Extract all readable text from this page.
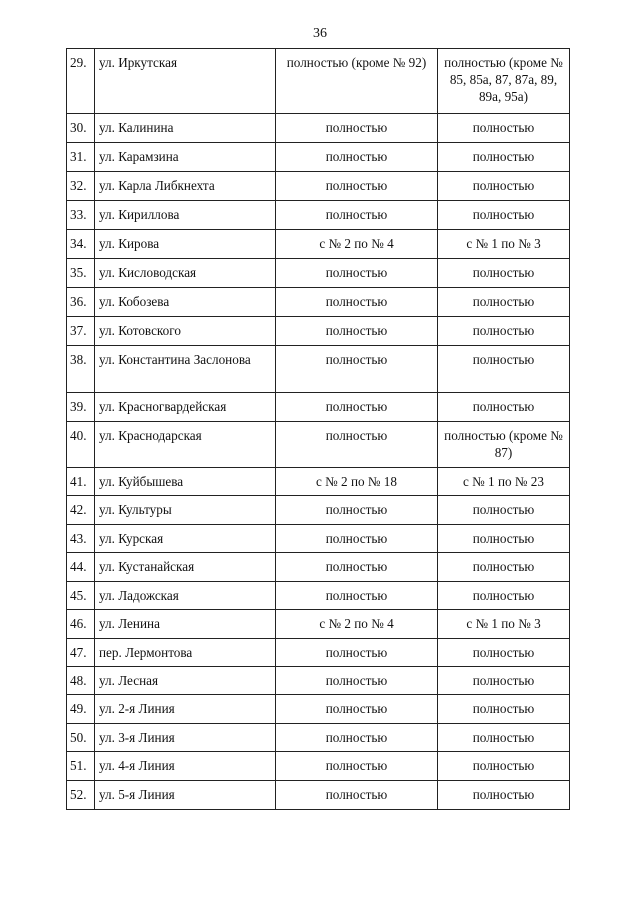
36
29.	ул. Иркутская	полностью (кроме № 92)	полностью (кроме № 85, 85а, 87, 87а, 89, 89а, 95а)
30.	ул. Калинина	полностью	полностью
31.	ул. Карамзина	полностью	полностью
32.	ул. Карла Либкнехта	полностью	полностью
33.	ул. Кириллова	полностью	полностью
34.	ул. Кирова	с № 2 по № 4	с № 1 по № 3
35.	ул. Кисловодская	полностью	полностью
36.	ул. Кобозева	полностью	полностью
37.	ул. Котовского	полностью	полностью
38.	ул. Константина Заслонова	полностью	полностью
39.	ул. Красногвардейская	полностью	полностью
40.	ул. Краснодарская	полностью	полностью (кроме № 87)
41.	ул. Куйбышева	с № 2 по № 18	с № 1 по № 23
42.	ул. Культуры	полностью	полностью
43.	ул. Курская	полностью	полностью
44.	ул. Кустанайская	полностью	полностью
45.	ул. Ладожская	полностью	полностью
46.	ул. Ленина	с № 2 по № 4	с № 1 по № 3
47.	пер. Лермонтова	полностью	полностью
48.	ул. Лесная	полностью	полностью
49.	ул. 2-я Линия	полностью	полностью
50.	ул. 3-я Линия	полностью	полностью
51.	ул. 4-я Линия	полностью	полностью
52.	ул. 5-я Линия	полностью	полностью
